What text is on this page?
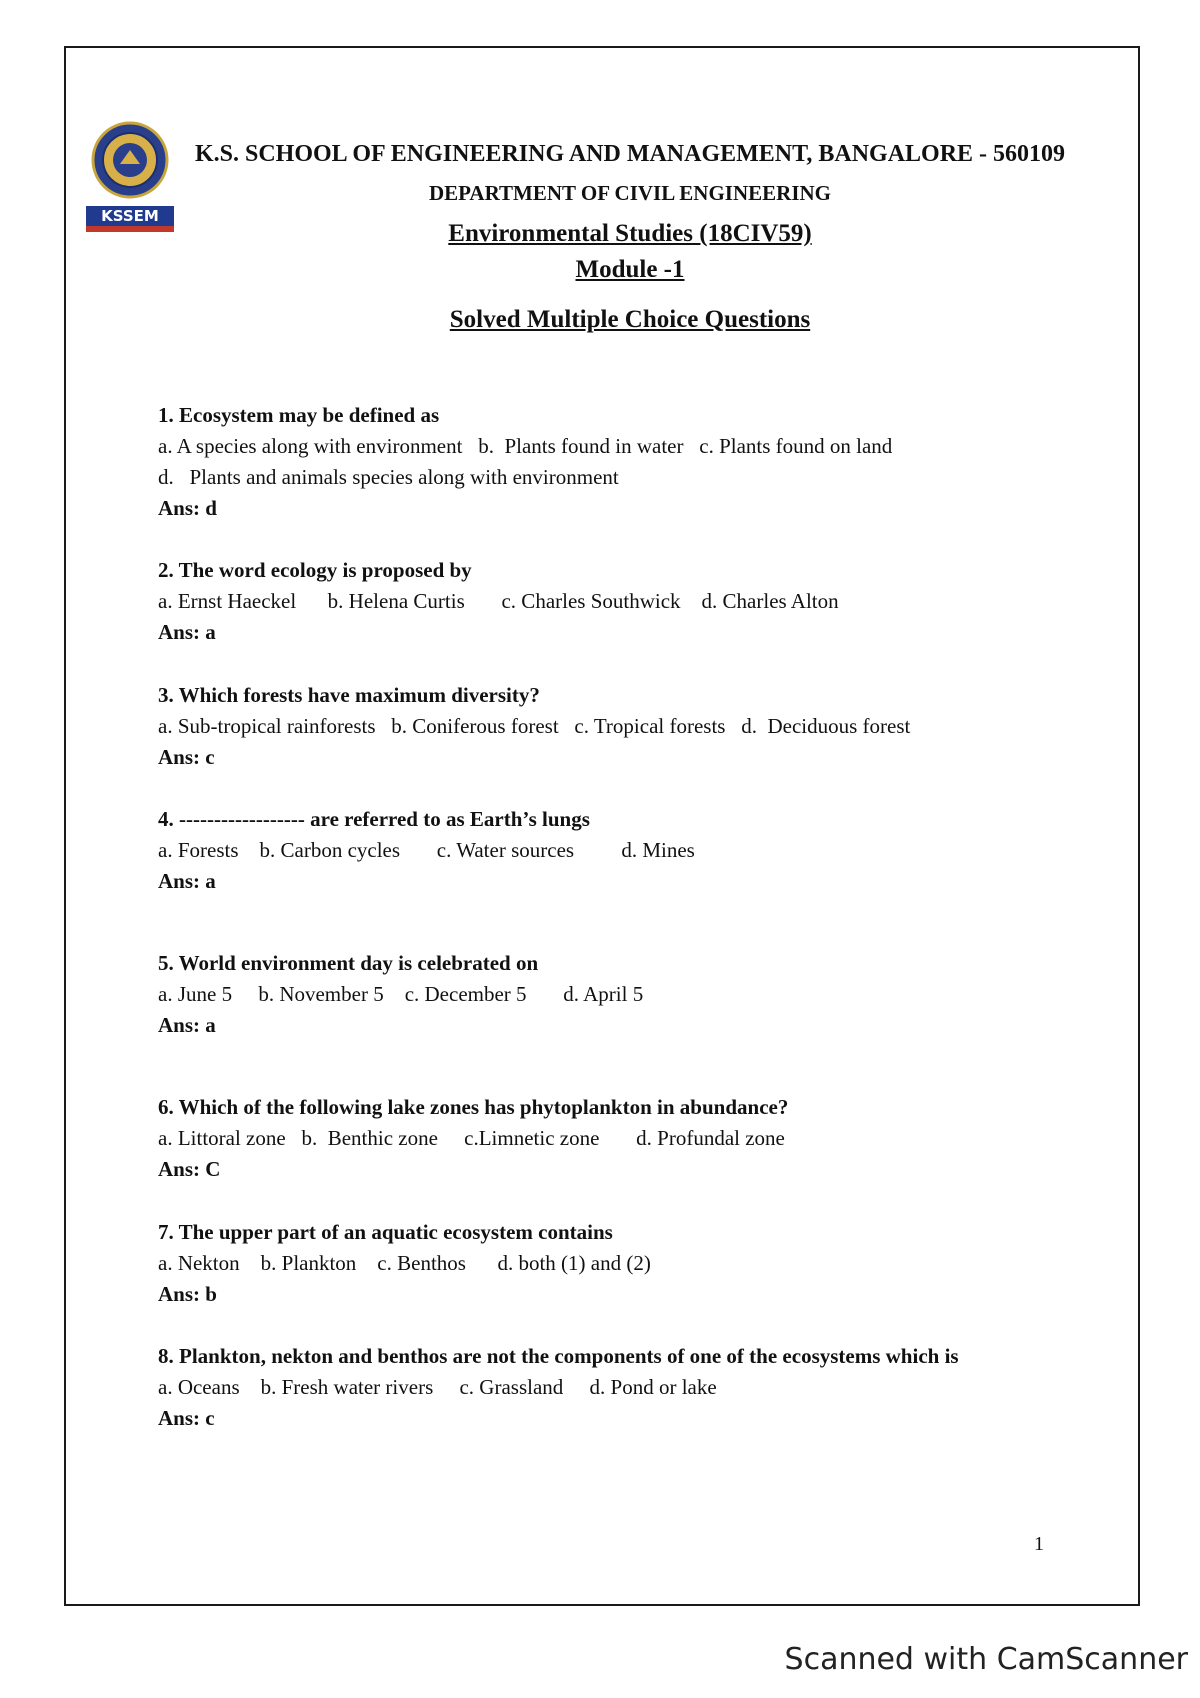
KSSEM
K.S. SCHOOL OF ENGINEERING AND MANAGEMENT, BANGALORE - 560109
DEPARTMENT OF CIVIL ENGINEERING
Environmental Studies (18CIV59)
Module -1
Solved Multiple Choice Questions
1. Ecosystem may be defined as
a. A species along with environment   b.  Plants found in water   c. Plants found on land
d.   Plants and animals species along with environment
Ans: d
2. The word ecology is proposed by
a. Ernst Haeckel      b. Helena Curtis       c. Charles Southwick    d. Charles Alton
Ans: a
3. Which forests have maximum diversity?
a. Sub-tropical rainforests   b. Coniferous forest   c. Tropical forests   d.  Deciduous forest
Ans: c
4. ------------------ are referred to as Earth’s lungs
a. Forests    b. Carbon cycles       c. Water sources         d. Mines
Ans: a
5. World environment day is celebrated on
a. June 5     b. November 5    c. December 5       d. April 5
Ans: a
6. Which of the following lake zones has phytoplankton in abundance?
a. Littoral zone   b.  Benthic zone     c.Limnetic zone       d. Profundal zone
Ans: C
7. The upper part of an aquatic ecosystem contains
a. Nekton    b. Plankton    c. Benthos      d. both (1) and (2)
Ans: b
8. Plankton, nekton and benthos are not the components of one of the ecosystems which is
a. Oceans    b. Fresh water rivers     c. Grassland     d. Pond or lake
Ans: c
1
Scanned with CamScanner
